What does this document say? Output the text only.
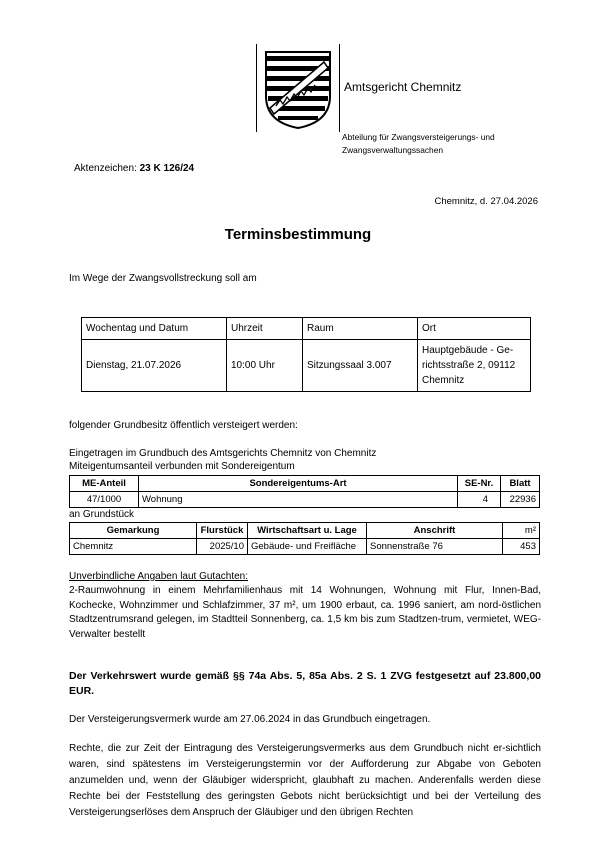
Amtsgericht Chemnitz
Abteilung für Zwangsversteigerungs- und Zwangsverwaltungssachen
Aktenzeichen: 23 K 126/24
Chemnitz, d. 27.04.2026
Terminsbestimmung
Im Wege der Zwangsvollstreckung soll am
Wochentag und Datum	Uhrzeit	Raum	Ort
Dienstag, 21.07.2026	10:00 Uhr	Sitzungssaal 3.007	Hauptgebäude - Ge-richtsstraße 2, 09112 Chemnitz
folgender Grundbesitz öffentlich versteigert werden:
Eingetragen im Grundbuch des Amtsgerichts Chemnitz von Chemnitz
Miteigentumsanteil verbunden mit Sondereigentum
ME-Anteil	Sondereigentums-Art	SE-Nr.	Blatt
47/1000	Wohnung	4	22936
an Grundstück
Gemarkung	Flurstück	Wirtschaftsart u. Lage	Anschrift	m²
Chemnitz	2025/10	Gebäude- und Freifläche	Sonnenstraße 76	453
Unverbindliche Angaben laut Gutachten:
2-Raumwohnung in einem Mehrfamilienhaus mit 14 Wohnungen, Wohnung mit Flur, Innen-Bad, Kochecke, Wohnzimmer und Schlafzimmer, 37 m², um 1900 erbaut, ca. 1996 saniert, am nord-östlichen Stadtzentrumsrand gelegen, im Stadtteil Sonnenberg, ca. 1,5 km bis zum Stadtzen-trum, vermietet, WEG-Verwalter bestellt
Der Verkehrswert wurde gemäß §§ 74a Abs. 5, 85a Abs. 2 S. 1 ZVG festgesetzt auf 23.800,00 EUR.
Der Versteigerungsvermerk wurde am 27.06.2024 in das Grundbuch eingetragen.
Rechte, die zur Zeit der Eintragung des Versteigerungsvermerks aus dem Grundbuch nicht er-sichtlich waren, sind spätestens im Versteigerungstermin vor der Aufforderung zur Abgabe von Geboten anzumelden und, wenn der Gläubiger widerspricht, glaubhaft zu machen. Anderenfalls werden diese Rechte bei der Feststellung des geringsten Gebots nicht berücksichtigt und bei der Verteilung des Versteigerungserlöses dem Anspruch der Gläubiger und den übrigen Rechten
